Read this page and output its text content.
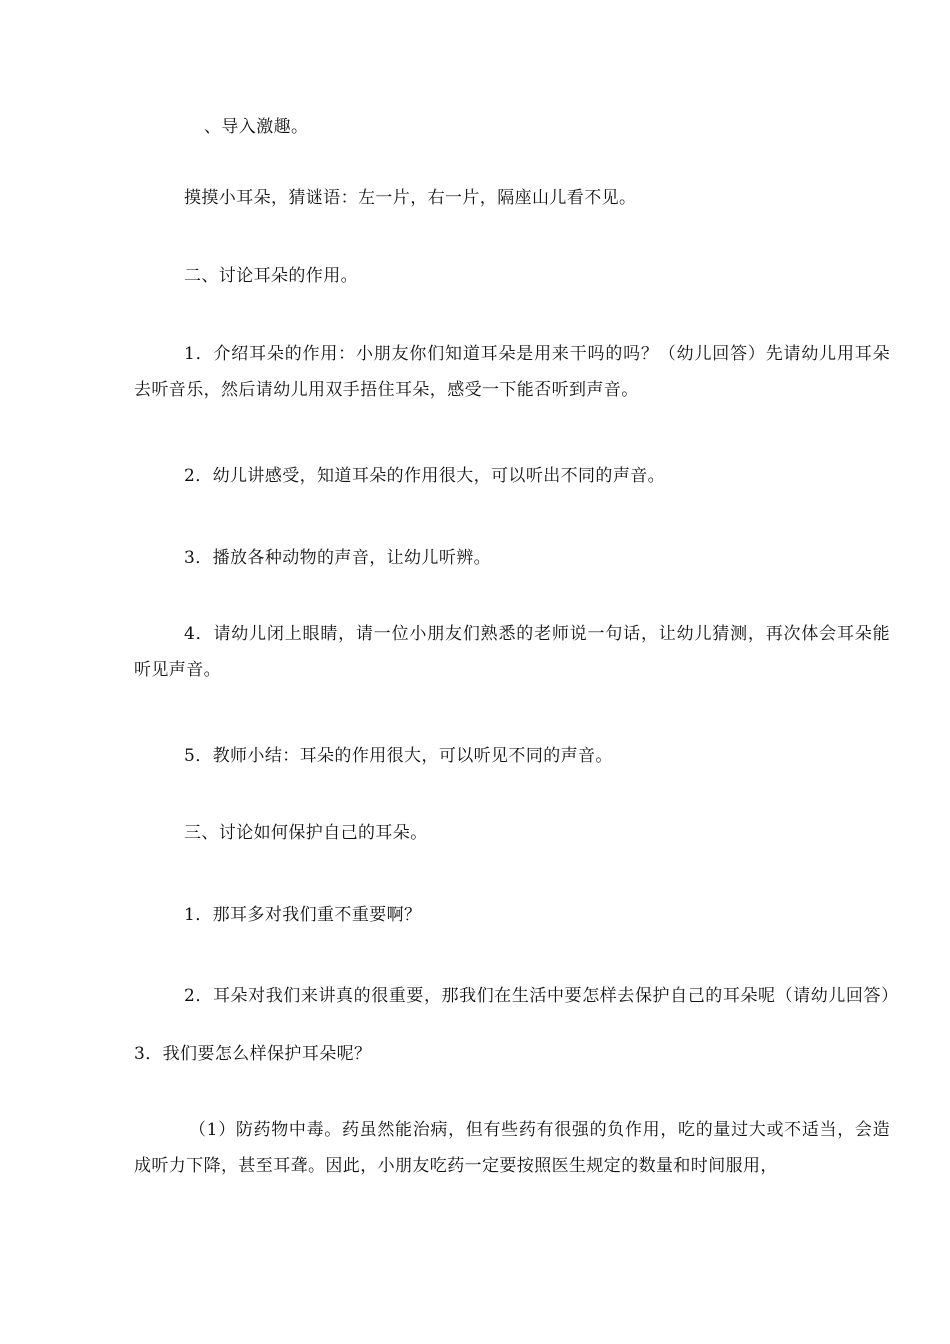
、导入激趣。

摸摸小耳朵，猜谜语：左一片，右一片，隔座山儿看不见。

二、讨论耳朵的作用。

1．介绍耳朵的作用：小朋友你们知道耳朵是用来干吗的吗？（幼儿回答）先请幼儿用耳朵去听音乐，然后请幼儿用双手捂住耳朵，感受一下能否听到声音。

2．幼儿讲感受，知道耳朵的作用很大，可以听出不同的声音。

3．播放各种动物的声音，让幼儿听辨。

4．请幼儿闭上眼睛，请一位小朋友们熟悉的老师说一句话，让幼儿猜测，再次体会耳朵能听见声音。

5．教师小结：耳朵的作用很大，可以听见不同的声音。

三、讨论如何保护自己的耳朵。

1．那耳多对我们重不重要啊？

2．耳朵对我们来讲真的很重要，那我们在生活中要怎样去保护自己的耳朵呢（请幼儿回答）3．我们要怎么样保护耳朵呢？

（1）防药物中毒。药虽然能治病，但有些药有很强的负作用，吃的量过大或不适当，会造成听力下降，甚至耳聋。因此，小朋友吃药一定要按照医生规定的数量和时间服用，
